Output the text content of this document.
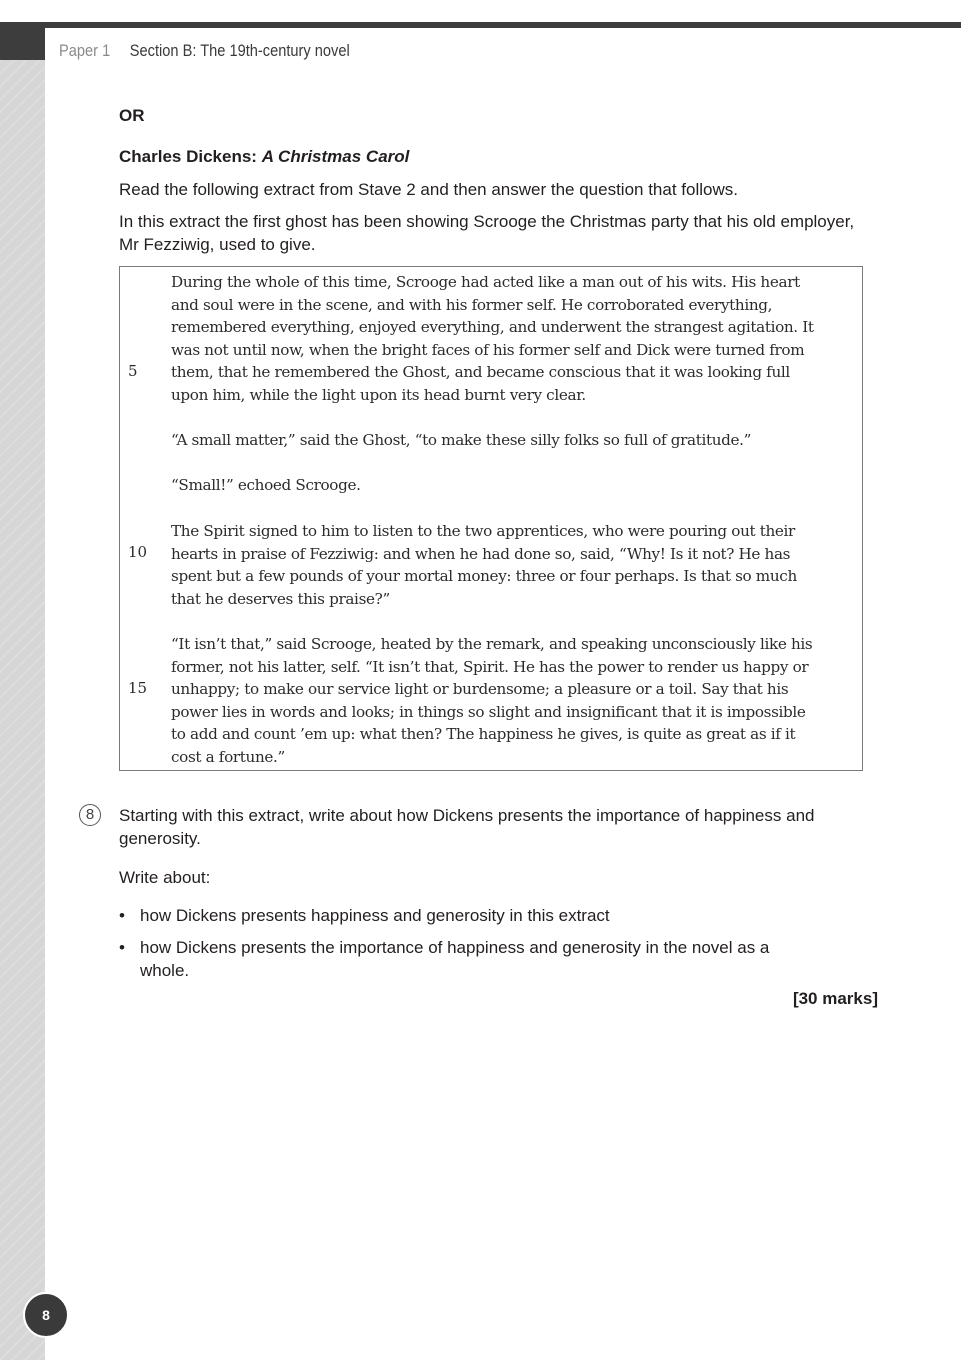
Paper 1 Section B: The 19th-century novel
OR
Charles Dickens: A Christmas Carol
Read the following extract from Stave 2 and then answer the question that follows.
In this extract the first ghost has been showing Scrooge the Christmas party that his old employer, Mr Fezziwig, used to give.
During the whole of this time, Scrooge had acted like a man out of his wits. His heart
and soul were in the scene, and with his former self. He corroborated everything,
remembered everything, enjoyed everything, and underwent the strangest agitation. It
was not until now, when the bright faces of his former self and Dick were turned from
them, that he remembered the Ghost, and became conscious that it was looking full
upon him, while the light upon its head burnt very clear.
5
“A small matter,” said the Ghost, “to make these silly folks so full of gratitude.”
“Small!” echoed Scrooge.
The Spirit signed to him to listen to the two apprentices, who were pouring out their
hearts in praise of Fezziwig: and when he had done so, said, “Why! Is it not? He has
spent but a few pounds of your mortal money: three or four perhaps. Is that so much
that he deserves this praise?”
10
“It isn’t that,” said Scrooge, heated by the remark, and speaking unconsciously like his
former, not his latter, self. “It isn’t that, Spirit. He has the power to render us happy or
unhappy; to make our service light or burdensome; a pleasure or a toil. Say that his
power lies in words and looks; in things so slight and insignificant that it is impossible
to add and count ’em up: what then? The happiness he gives, is quite as great as if it
cost a fortune.”
15
8	Starting with this extract, write about how Dickens presents the importance of happiness and generosity.
Write about:
• how Dickens presents happiness and generosity in this extract
• how Dickens presents the importance of happiness and generosity in the novel as a whole.
[30 marks]
8
